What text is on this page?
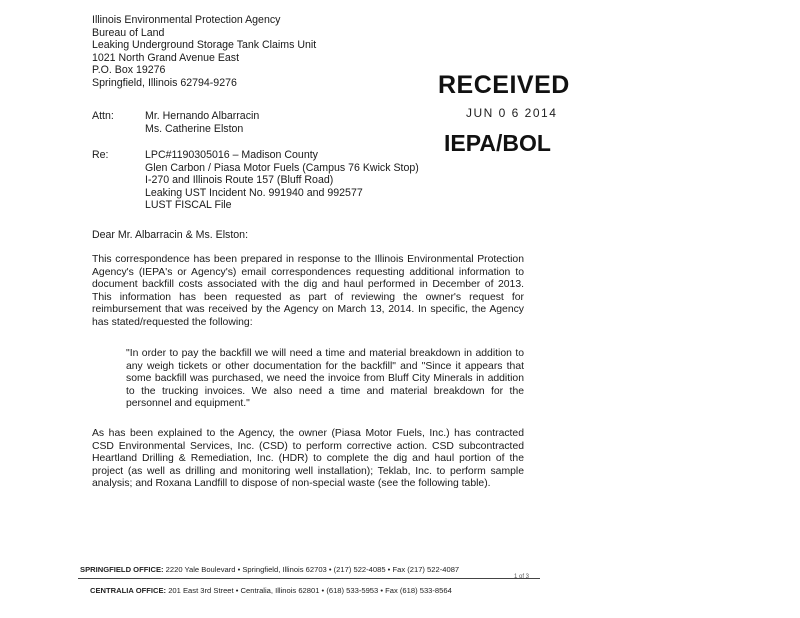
Illinois Environmental Protection Agency
Bureau of Land
Leaking Underground Storage Tank Claims Unit
1021 North Grand Avenue East
P.O. Box 19276
Springfield, Illinois 62794-9276	RECEIVED
JUN 0 6 2014
IEPA/BOL
Attn:	Mr. Hernando Albarracin
Ms. Catherine Elston
Re:	LPC#1190305016 – Madison County
Glen Carbon / Piasa Motor Fuels (Campus 76 Kwick Stop)
I-270 and Illinois Route 157 (Bluff Road)
Leaking UST Incident No. 991940 and 992577
LUST FISCAL File
Dear Mr. Albarracin & Ms. Elston:
This correspondence has been prepared in response to the Illinois Environmental Protection Agency's (IEPA's or Agency's) email correspondences requesting additional information to document backfill costs associated with the dig and haul performed in December of 2013. This information has been requested as part of reviewing the owner's request for reimbursement that was received by the Agency on March 13, 2014. In specific, the Agency has stated/requested the following:
"In order to pay the backfill we will need a time and material breakdown in addition to any weigh tickets or other documentation for the backfill" and "Since it appears that some backfill was purchased, we need the invoice from Bluff City Minerals in addition to the trucking invoices. We also need a time and material breakdown for the personnel and equipment."
As has been explained to the Agency, the owner (Piasa Motor Fuels, Inc.) has contracted CSD Environmental Services, Inc. (CSD) to perform corrective action. CSD subcontracted Heartland Drilling & Remediation, Inc. (HDR) to complete the dig and haul portion of the project (as well as drilling and monitoring well installation); Teklab, Inc. to perform sample analysis; and Roxana Landfill to dispose of non-special waste (see the following table).
SPRINGFIELD OFFICE: 2220 Yale Boulevard • Springfield, Illinois 62703 • (217) 522-4085 • Fax (217) 522-4087
1 of 3
CENTRALIA OFFICE: 201 East 3rd Street • Centralia, Illinois 62801 • (618) 533-5953 • Fax (618) 533-8564
